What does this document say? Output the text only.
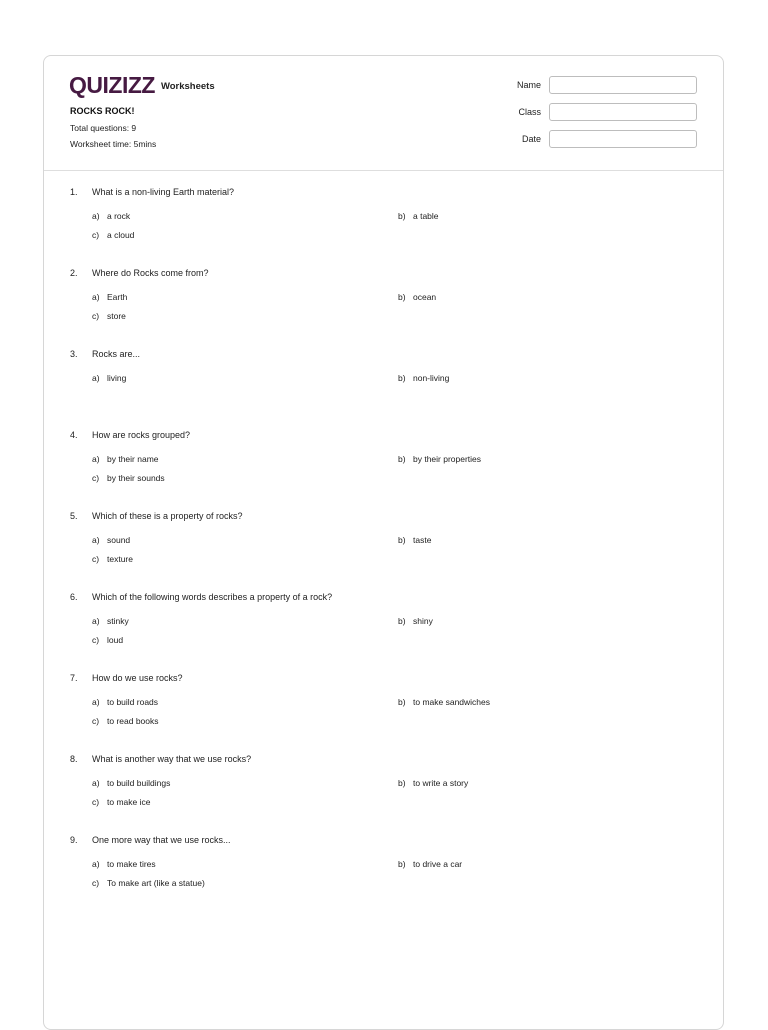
QUIZIZZ Worksheets
ROCKS ROCK!
Total questions: 9
Worksheet time: 5mins
Name
Class
Date
1.	What is a non-living Earth material?
a) a rock	b) a table
c) a cloud
2.	Where do Rocks come from?
a) Earth	b) ocean
c) store
3.	Rocks are...
a) living	b) non-living
4.	How are rocks grouped?
a) by their name	b) by their properties
c) by their sounds
5.	Which of these is a property of rocks?
a) sound	b) taste
c) texture
6.	Which of the following words describes a property of a rock?
a) stinky	b) shiny
c) loud
7.	How do we use rocks?
a) to build roads	b) to make sandwiches
c) to read books
8.	What is another way that we use rocks?
a) to build buildings	b) to write a story
c) to make ice
9.	One more way that we use rocks...
a) to make tires	b) to drive a car
c) To make art (like a statue)
